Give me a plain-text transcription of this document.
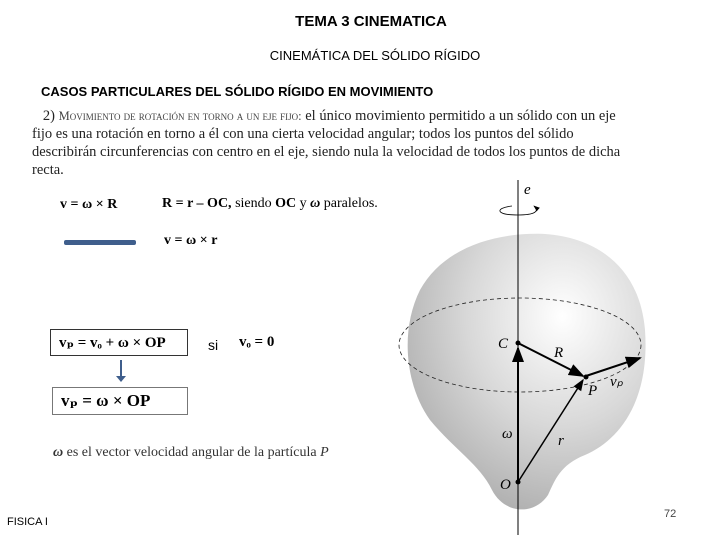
TEMA 3 CINEMATICA
CINEMÁTICA DEL SÓLIDO RÍGIDO
CASOS PARTICULARES DEL SÓLIDO RÍGIDO EN MOVIMIENTO
2) Movimiento de rotación en torno a un eje fijo: el único movimiento permitido a un sólido con un eje fijo es una rotación en torno a él con una cierta velocidad angular; todos los puntos del sólido describirán circunferencias con centro en el eje, siendo nula la velocidad de todos los puntos de dicha recta.
v = ω × R	R = r – OC, siendo OC y ω paralelos.
v = ω × r
vₚ = vₒ + ω × OP	si vₒ = 0
vₚ = ω × OP
ω es el vector velocidad angular de la partícula P
e
C
R
P
vₚ
ω	r
O
FISICA I
72
